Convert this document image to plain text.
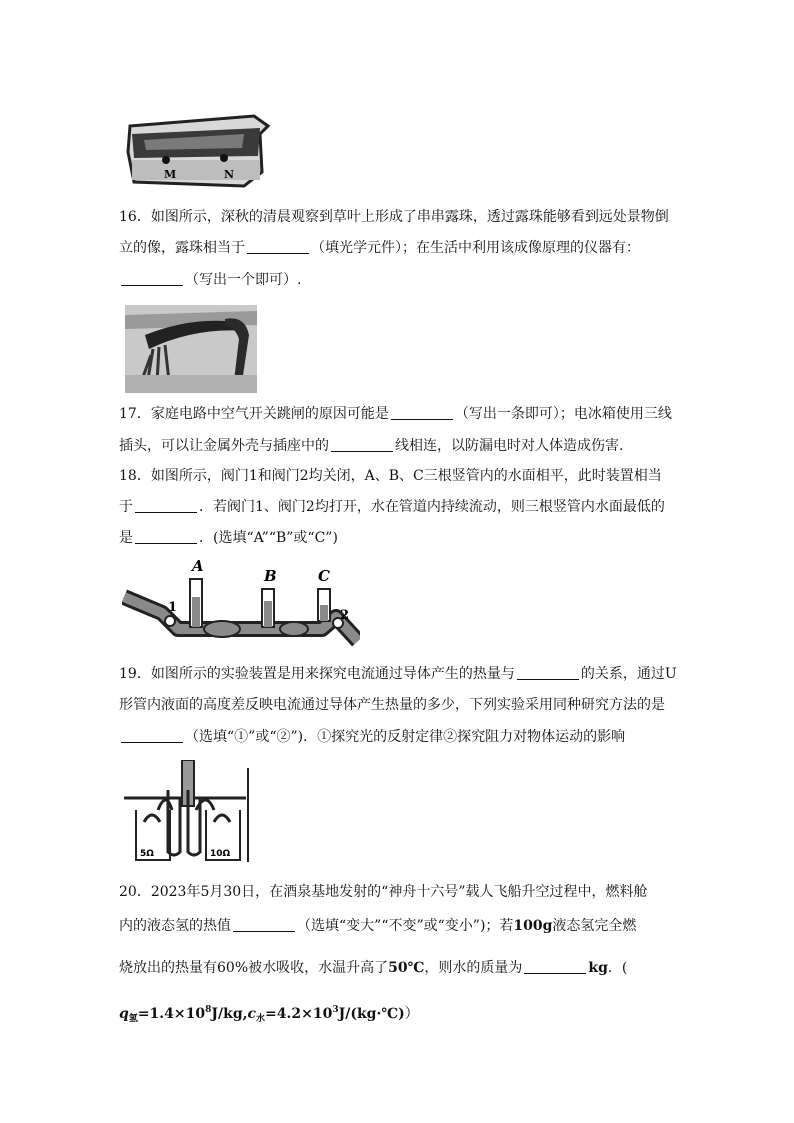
M	N
16．如图所示，深秋的清晨观察到草叶上形成了串串露珠，透过露珠能够看到远处景物倒
立的像，露珠相当于	（填光学元件）；在生活中利用该成像原理的仪器有：
（写出一个即可）.
17．家庭电路中空气开关跳闸的原因可能是	（写出一条即可）；电冰箱使用三线
插头，可以让金属外壳与插座中的	线相连，以防漏电时对人体造成伤害.
18．如图所示，阀门1和阀门2均关闭，A、B、C三根竖管内的水面相平，此时装置相当
于	．若阀门1、阀门2均打开，水在管道内持续流动，则三根竖管内水面最低的
是	．(选填“A”“B”或“C”)
A
B	C
1
2
19．如图所示的实验装置是用来探究电流通过导体产生的热量与	的关系，通过U
形管内液面的高度差反映电流通过导体产生热量的多少，下列实验采用同种研究方法的是
（选填“①”或“②”)．①探究光的反射定律②探究阻力对物体运动的影响
5Ω	10Ω
20．2023年5月30日，在酒泉基地发射的“神舟十六号”载人飞船升空过程中，燃料舱
内的液态氢的热值	（选填“变大”“不变”或“变小”)；若100g液态氢完全燃
烧放出的热量有60%被水吸收，水温升高了50℃，则水的质量为	kg．(
$q_氢=1.4\times 10^8J/kg,c_水=4.2\times 10^3J/(kg\cdot℃)$）
